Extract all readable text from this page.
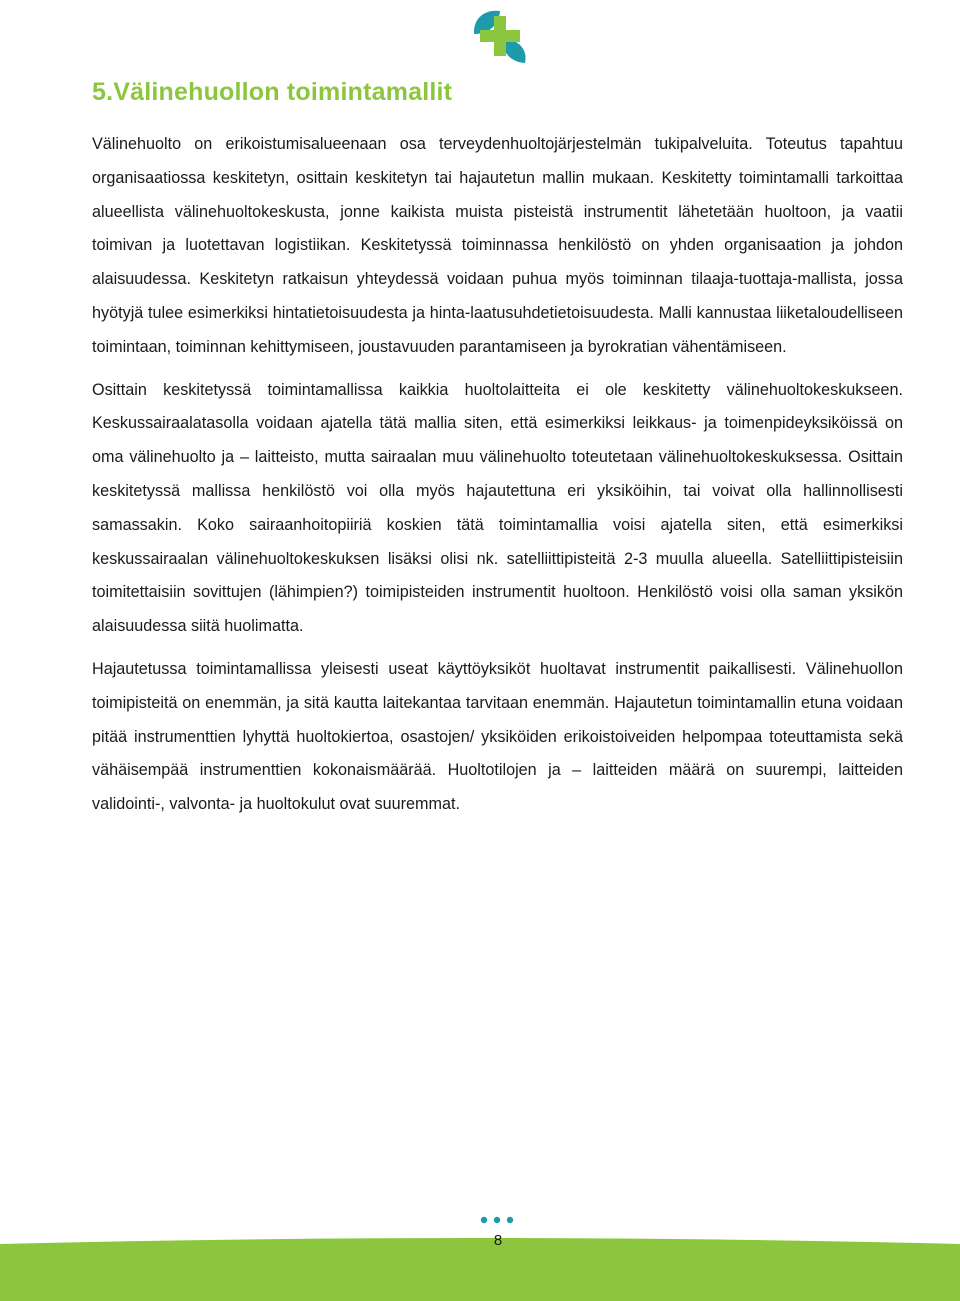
5.Välinehuollon toimintamallit

Välinehuolto on erikoistumisalueenaan osa terveydenhuoltojärjestelmän tukipalveluita. Toteutus tapahtuu organisaatiossa keskitetyn, osittain keskitetyn tai hajautetun mallin mukaan. Keskitetty toimintamalli tarkoittaa alueellista välinehuoltokeskusta, jonne kaikista muista pisteistä instrumentit lähetetään huoltoon, ja vaatii toimivan ja luotettavan logistiikan. Keskitetyssä toiminnassa henkilöstö on yhden organisaation ja johdon alaisuudessa. Keskitetyn ratkaisun yhteydessä voidaan puhua myös toiminnan tilaaja-tuottaja-mallista, jossa hyötyjä tulee esimerkiksi hintatietoisuudesta ja hinta-laatusuhdetietoisuudesta. Malli kannustaa liiketaloudelliseen toimintaan, toiminnan kehittymiseen, joustavuuden parantamiseen ja byrokratian vähentämiseen.

Osittain keskitetyssä toimintamallissa kaikkia huoltolaitteita ei ole keskitetty välinehuoltokeskukseen. Keskussairaalatasolla voidaan ajatella tätä mallia siten, että esimerkiksi leikkaus- ja toimenpideyksiköissä on oma välinehuolto ja – laitteisto, mutta sairaalan muu välinehuolto toteutetaan välinehuoltokeskuksessa. Osittain keskitetyssä mallissa henkilöstö voi olla myös hajautettuna eri yksiköihin, tai voivat olla hallinnollisesti samassakin. Koko sairaanhoitopiiriä koskien tätä toimintamallia voisi ajatella siten, että esimerkiksi keskussairaalan välinehuoltokeskuksen lisäksi olisi nk. satelliittipisteitä 2-3 muulla alueella. Satelliittipisteisiin toimitettaisiin sovittujen (lähimpien?) toimipisteiden instrumentit huoltoon. Henkilöstö voisi olla saman yksikön alaisuudessa siitä huolimatta.

Hajautetussa toimintamallissa yleisesti useat käyttöyksiköt huoltavat instrumentit paikallisesti. Välinehuollon toimipisteitä on enemmän, ja sitä kautta laitekantaa tarvitaan enemmän. Hajautetun toimintamallin etuna voidaan pitää instrumenttien lyhyttä huoltokiertoa, osastojen/ yksiköiden erikoistoiveiden helpompaa toteuttamista sekä vähäisempää instrumenttien kokonaismäärää. Huoltotilojen ja – laitteiden määrä on suurempi, laitteiden validointi-, valvonta- ja huoltokulut ovat suuremmat.

8
